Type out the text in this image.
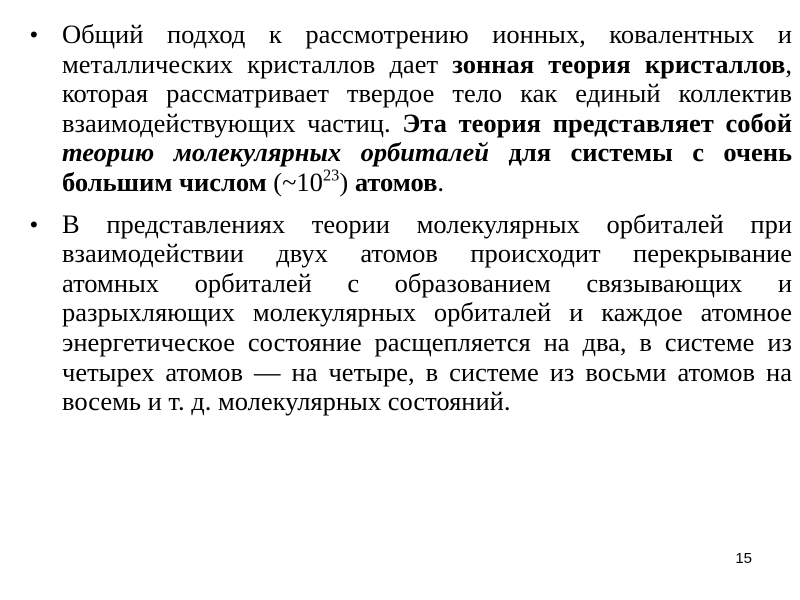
• Общий подход к рассмотрению ионных, ковалентных и металлических кристаллов дает зонная теория кристаллов, которая рассматривает твердое тело как единый коллектив взаимодействующих частиц. Эта теория представляет собой теорию молекулярных орбиталей для системы с очень большим числом $(\sim 10^{23})$ атомов.
• В представлениях теории молекулярных орбиталей при взаимодействии двух атомов происходит перекрывание атомных орбиталей с образованием связывающих и разрыхляющих молекулярных орбиталей и каждое атомное энергетическое состояние расщепляется на два, в системе из четырех атомов — на четыре, в системе из восьми атомов на восемь и т. д. молекулярных состояний.
15
